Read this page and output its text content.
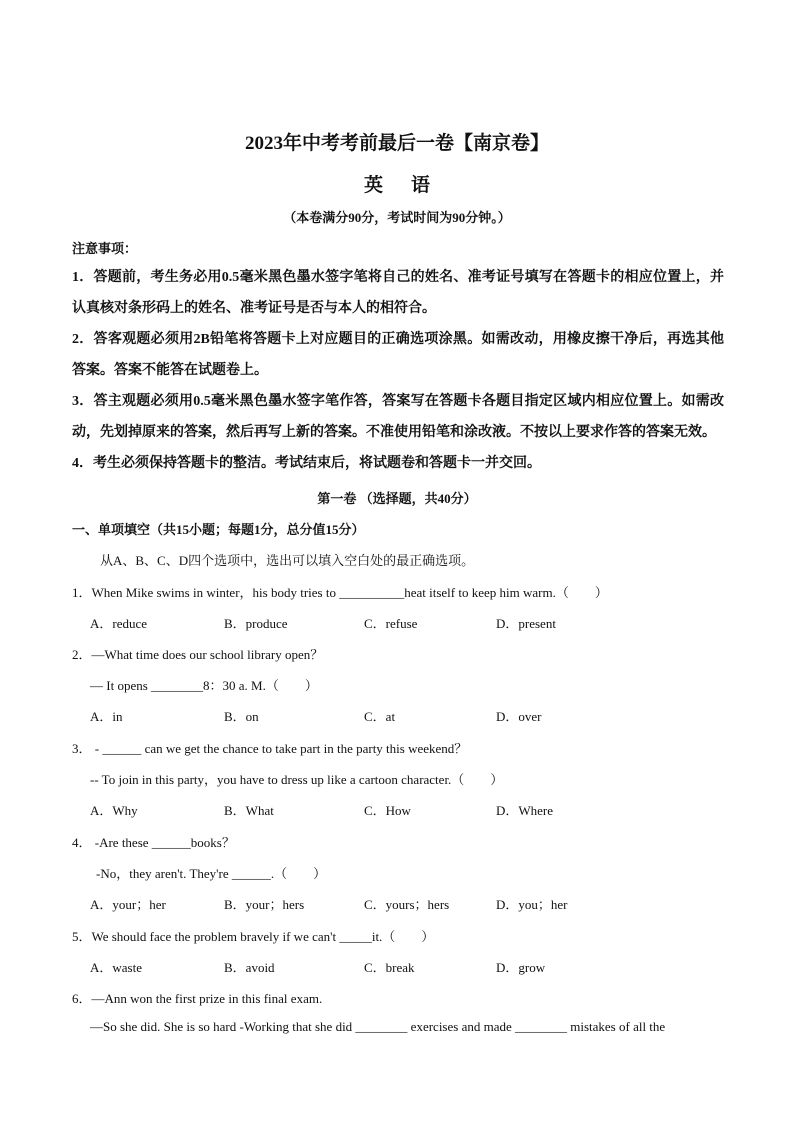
2023年中考考前最后一卷【南京卷】
英语
（本卷满分90分，考试时间为90分钟。）
注意事项：
1．答题前，考生务必用0.5毫米黑色墨水签字笔将自己的姓名、准考证号填写在答题卡的相应位置上，并认真核对条形码上的姓名、准考证号是否与本人的相符合。
2．答客观题必须用2B铅笔将答题卡上对应题目的正确选项涂黑。如需改动，用橡皮擦干净后，再选其他答案。答案不能答在试题卷上。
3．答主观题必须用0.5毫米黑色墨水签字笔作答，答案写在答题卡各题目指定区域内相应位置上。如需改动，先划掉原来的答案，然后再写上新的答案。不准使用铅笔和涂改液。不按以上要求作答的答案无效。
4．考生必须保持答题卡的整洁。考试结束后，将试题卷和答题卡一并交回。
第一卷 （选择题，共40分）
一、单项填空（共15小题；每题1分，总分值15分）
从A、B、C、D四个选项中，选出可以填入空白处的最正确选项。
1．When Mike swims in winter，his body tries to __________heat itself to keep him warm.（　　）
A．reduce	B．produce	C．refuse	D．present
2．—What time does our school library open？
— It opens ________8：30 a. M.（　　）
A．in	B．on	C．at	D．over
3． - ______ can we get the chance to take part in the party this weekend？
-- To join in this party，you have to dress up like a cartoon character.（　　）
A．Why	B．What	C．How	D．Where
4． -Are these ______books？
-No，they aren't. They're ______.（　　）
A．your；her	B．your；hers	C．yours；hers	D．you；her
5．We should face the problem bravely if we can't _____it.（　　）
A．waste	B．avoid	C．break	D．grow
6．—Ann won the first prize in this final exam.
—So she did. She is so hard -Working that she did ________ exercises and made ________ mistakes of all the
